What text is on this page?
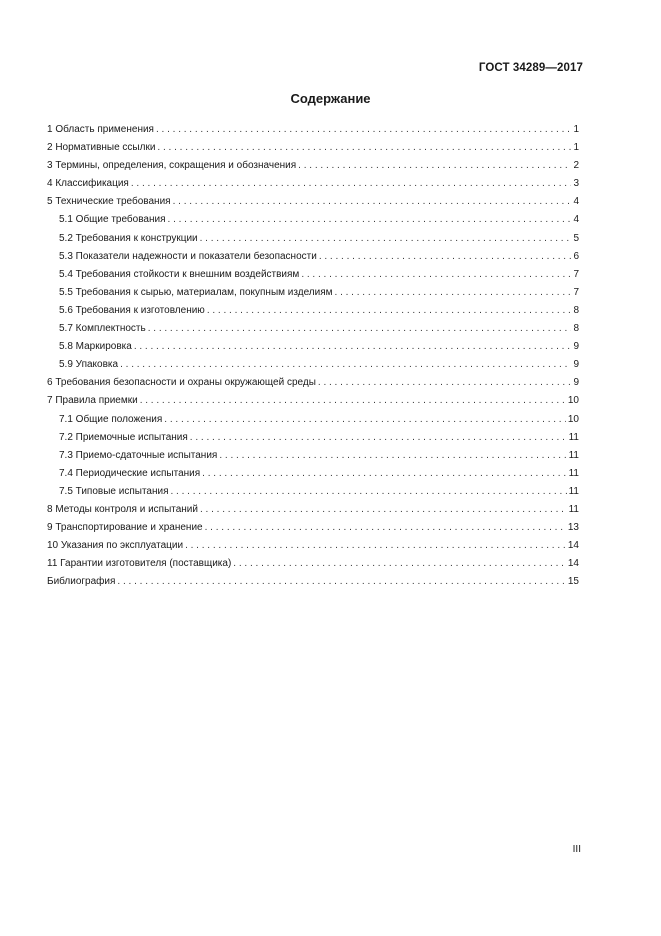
ГОСТ 34289—2017
Содержание
1 Область применения . . .	1
2 Нормативные ссылки . . .	1
3 Термины, определения, сокращения и обозначения . . .	2
4 Классификация . . .	3
5 Технические требования . . .	4
5.1 Общие требования . . .	4
5.2 Требования к конструкции . . .	5
5.3 Показатели надежности и показатели безопасности . . .	6
5.4 Требования стойкости к внешним воздействиям . . .	7
5.5 Требования к сырью, материалам, покупным изделиям . . .	7
5.6 Требования к изготовлению . . .	8
5.7 Комплектность . . .	8
5.8 Маркировка . . .	9
5.9 Упаковка . . .	9
6 Требования безопасности и охраны окружающей среды . . .	9
7 Правила приемки . . .	10
7.1 Общие положения . . .	10
7.2 Приемочные испытания . . .	11
7.3 Приемо-сдаточные испытания . . .	11
7.4 Периодические испытания . . .	11
7.5 Типовые испытания . . .	11
8 Методы контроля и испытаний . . .	11
9 Транспортирование и хранение . . .	13
10 Указания по эксплуатации . . .	14
11 Гарантии изготовителя (поставщика) . . .	14
Библиография . . .	15
III
